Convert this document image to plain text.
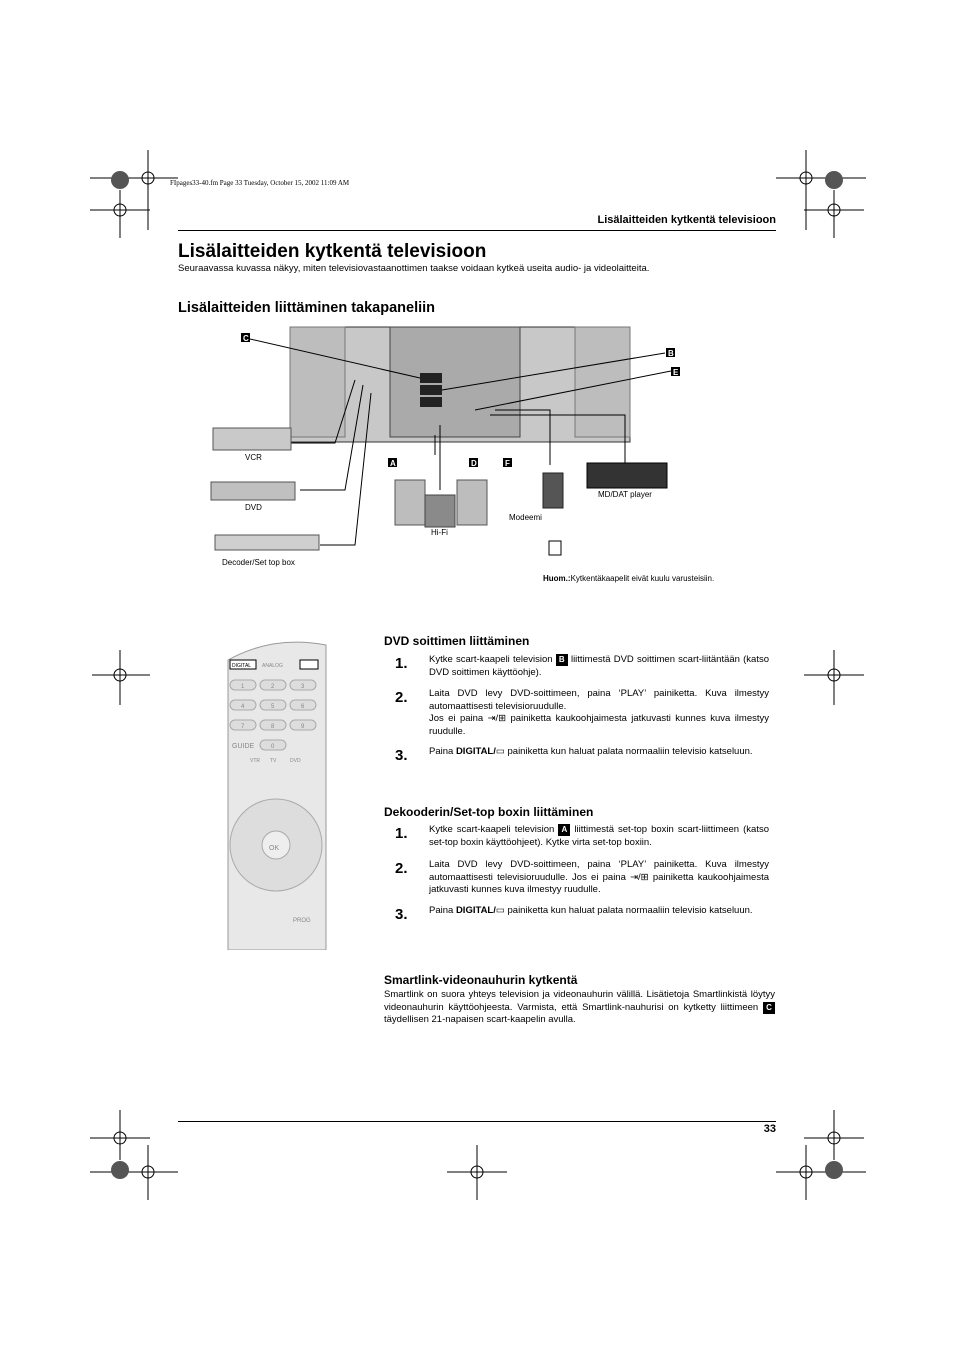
FIpages33-40.fm Page 33 Tuesday, October 15, 2002 11:09 AM
Lisälaitteiden kytkentä televisioon
Lisälaitteiden kytkentä televisioon
Seuraavassa kuvassa näkyy, miten televisiovastaanottimen taakse voidaan kytkeä useita audio- ja videolaitteita.
Lisälaitteiden liittäminen takapaneliin
C
B
E
A	D	F
VCR
DVD
Decoder/Set top box
Hi-Fi
Modeemi
MD/DAT player
Huom.:Kytkentäkaapelit eivät kuulu varusteisiin.
DIGITAL ANALOG
1	2	3
4	5	6
7	8	9
0
GUIDE
VTR TV	DVD
OK
PROG
DVD soittimen liittäminen
1. Kytke scart-kaapeli television B liittimestä DVD soittimen scart-liitäntään (katso DVD soittimen käyttöohje).
2. Laita DVD levy DVD-soittimeen, paina ‘PLAY’ painiketta. Kuva ilmestyy automaattisesti televisioruudulle.
Jos ei paina ⇥/⊞ painiketta kaukoohjaimesta jatkuvasti kunnes kuva ilmestyy ruudulle.
3. Paina DIGITAL/▭ painiketta kun haluat palata normaaliin televisio katseluun.
Dekooderin/Set-top boxin liittäminen
1. Kytke scart-kaapeli television A liittimestä set-top boxin scart-liittimeen (katso set-top boxin käyttöohjeet). Kytke virta set-top boxiin.
2. Laita DVD levy DVD-soittimeen, paina ‘PLAY’ painiketta. Kuva ilmestyy automaattisesti televisioruudulle. Jos ei paina ⇥/⊞ painiketta kaukoohjaimesta jatkuvasti kunnes kuva ilmestyy ruudulle.
3. Paina DIGITAL/▭ painiketta kun haluat palata normaaliin televisio katseluun.
Smartlink-videonauhurin kytkentä
Smartlink on suora yhteys television ja videonauhurin välillä. Lisätietoja Smartlinkistä löytyy videonauhurin käyttöohjeesta. Varmista, että Smartlink-nauhurisi on kytketty liittimeen C täydellisen 21-napaisen scart-kaapelin avulla.
33
